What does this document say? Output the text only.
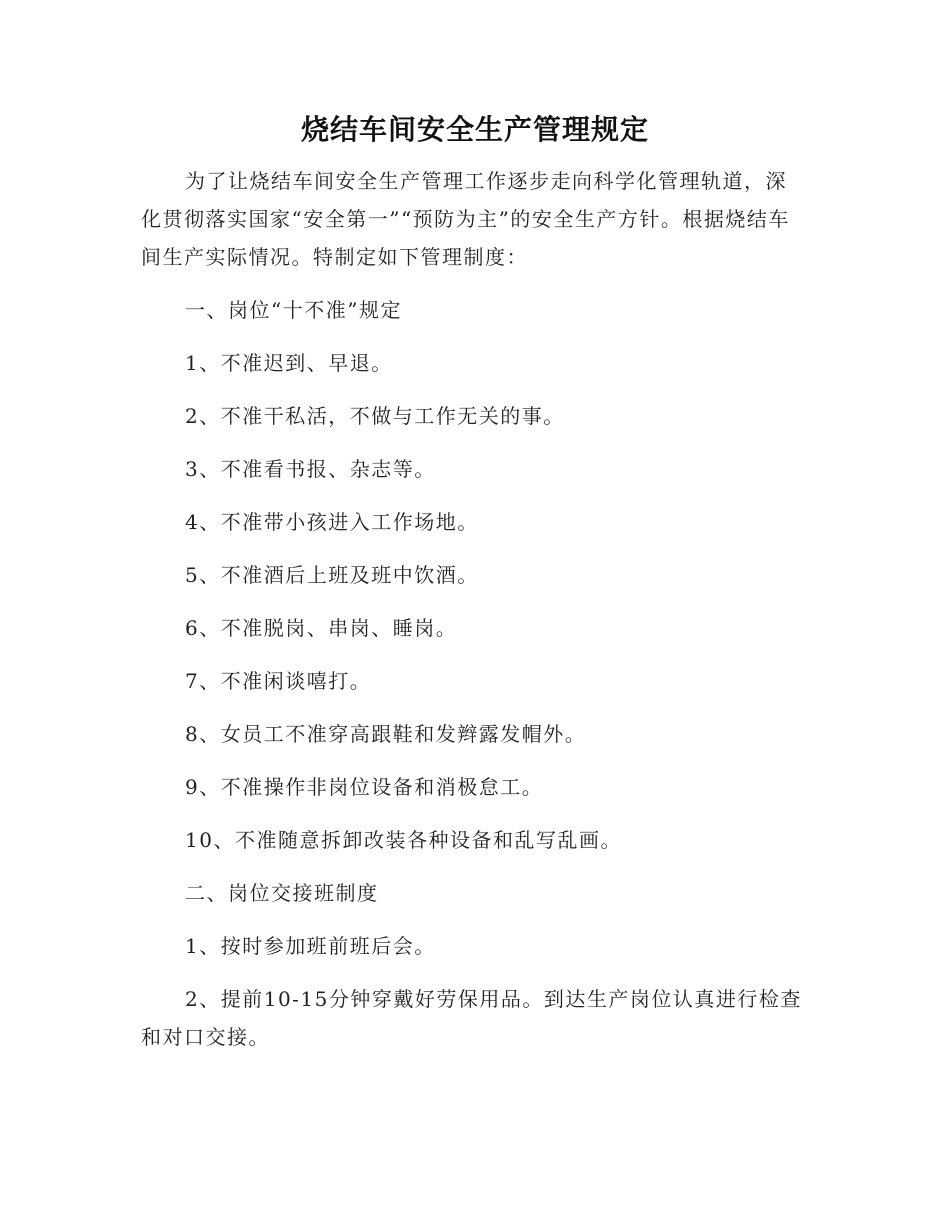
烧结车间安全生产管理规定

为了让烧结车间安全生产管理工作逐步走向科学化管理轨道，深化贯彻落实国家“安全第一”“预防为主”的安全生产方针。根据烧结车间生产实际情况。特制定如下管理制度：

一、岗位“十不准”规定

1、不准迟到、早退。

2、不准干私活，不做与工作无关的事。

3、不准看书报、杂志等。

4、不准带小孩进入工作场地。

5、不准酒后上班及班中饮酒。

6、不准脱岗、串岗、睡岗。

7、不准闲谈嘻打。

8、女员工不准穿高跟鞋和发辫露发帽外。

9、不准操作非岗位设备和消极怠工。

10、不准随意拆卸改装各种设备和乱写乱画。

二、岗位交接班制度

1、按时参加班前班后会。

2、提前10-15分钟穿戴好劳保用品。到达生产岗位认真进行检查和对口交接。
